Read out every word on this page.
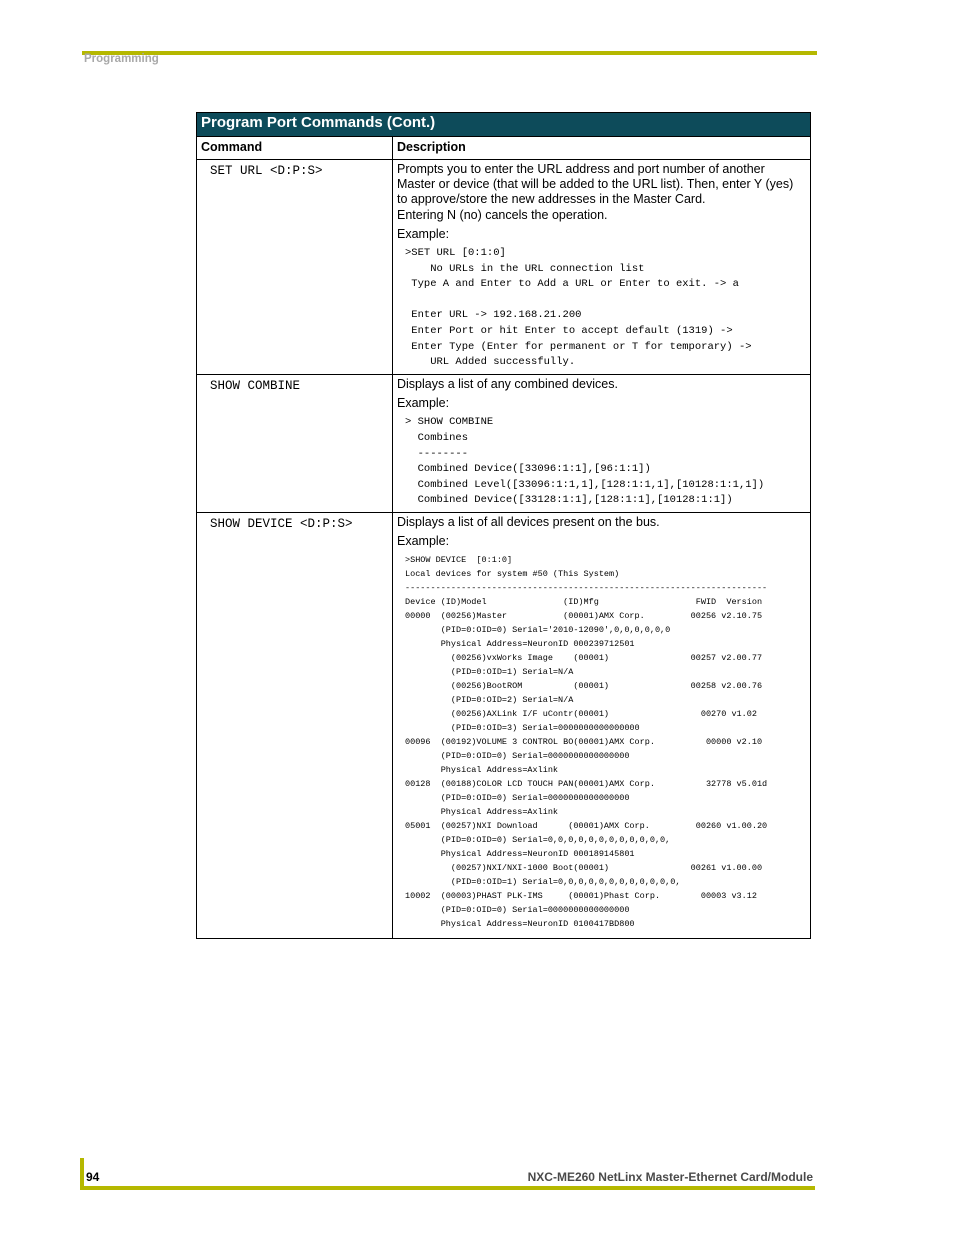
Programming
Program Port Commands (Cont.)
Command	Description
SET URL <D:P:S>	Prompts you to enter the URL address and port number of another Master or device (that will be added to the URL list). Then, enter Y (yes) to approve/store the new addresses in the Master Card.

Entering N (no) cancels the operation.

Example:

>SET URL [0:1:0]
No URLs in the URL connection list
Type A and Enter to Add a URL or Enter to exit. -> a

Enter URL -> 192.168.21.200
Enter Port or hit Enter to accept default (1319) ->
Enter Type (Enter for permanent or T for temporary) ->
URL Added successfully.
SHOW COMBINE	Displays a list of any combined devices.

Example:

> SHOW COMBINE
Combines
--------
Combined Device([33096:1:1],[96:1:1])
Combined Level([33096:1:1,1],[128:1:1,1],[10128:1:1,1])
Combined Device([33128:1:1],[128:1:1],[10128:1:1])
SHOW DEVICE <D:P:S>	Displays a list of all devices present on the bus.

Example:

>SHOW DEVICE  [0:1:0]
Local devices for system #50 (This System)
-----------------------------------------------------------------------
Device (ID)Model               (ID)Mfg                   FWID  Version
00000  (00256)Master           (00001)AMX Corp.         00256 v2.10.75
(PID=0:OID=0) Serial='2010-12090',0,0,0,0,0,0
Physical Address=NeuronID 000239712501
(00256)vxWorks Image    (00001)                00257 v2.00.77
(PID=0:OID=1) Serial=N/A
(00256)BootROM          (00001)                00258 v2.00.76
(PID=0:OID=2) Serial=N/A
(00256)AXLink I/F uContr(00001)                  00270 v1.02
(PID=0:OID=3) Serial=0000000000000000
00096  (00192)VOLUME 3 CONTROL BO(00001)AMX Corp.          00000 v2.10
(PID=0:OID=0) Serial=0000000000000000
Physical Address=Axlink
00128  (00188)COLOR LCD TOUCH PAN(00001)AMX Corp.          32778 v5.01d
(PID=0:OID=0) Serial=0000000000000000
Physical Address=Axlink
05001  (00257)NXI Download      (00001)AMX Corp.         00260 v1.00.20
(PID=0:OID=0) Serial=0,0,0,0,0,0,0,0,0,0,0,0,
Physical Address=NeuronID 000189145801
(00257)NXI/NXI-1000 Boot(00001)                00261 v1.00.00
(PID=0:OID=1) Serial=0,0,0,0,0,0,0,0,0,0,0,0,
10002  (00003)PHAST PLK-IMS     (00001)Phast Corp.        00003 v3.12
(PID=0:OID=0) Serial=0000000000000000
Physical Address=NeuronID 0100417BD800
94	NXC-ME260 NetLinx Master-Ethernet Card/Module
